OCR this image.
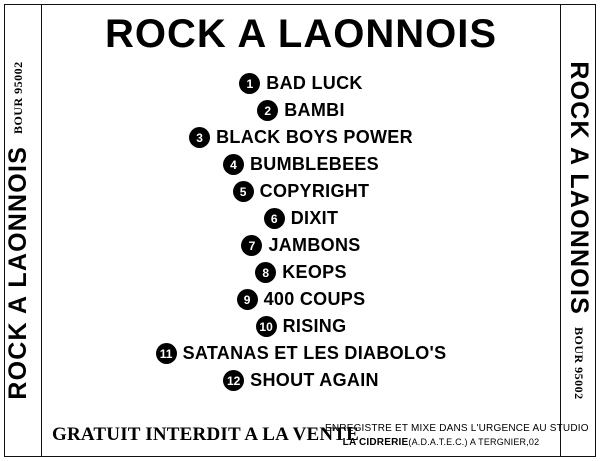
ROCK A LAONNOIS
BOUR 95002	ROCK A LAONNOIS
BOUR 95002
ROCK A LAONNOIS
1 BAD LUCK
2 BAMBI
3 BLACK BOYS POWER
4 BUMBLEBEES
5 COPYRIGHT
6 DIXIT
7 JAMBONS
8 KEOPS
9 400 COUPS
10 RISING
11 SATANAS ET LES DIABOLO'S
12 SHOUT AGAIN
GRATUIT INTERDIT A LA VENTE
ENREGISTRE ET MIXE DANS L'URGENCE AU STUDIO
LA CIDRERIE(A.D.A.T.E.C.) A TERGNIER,02
